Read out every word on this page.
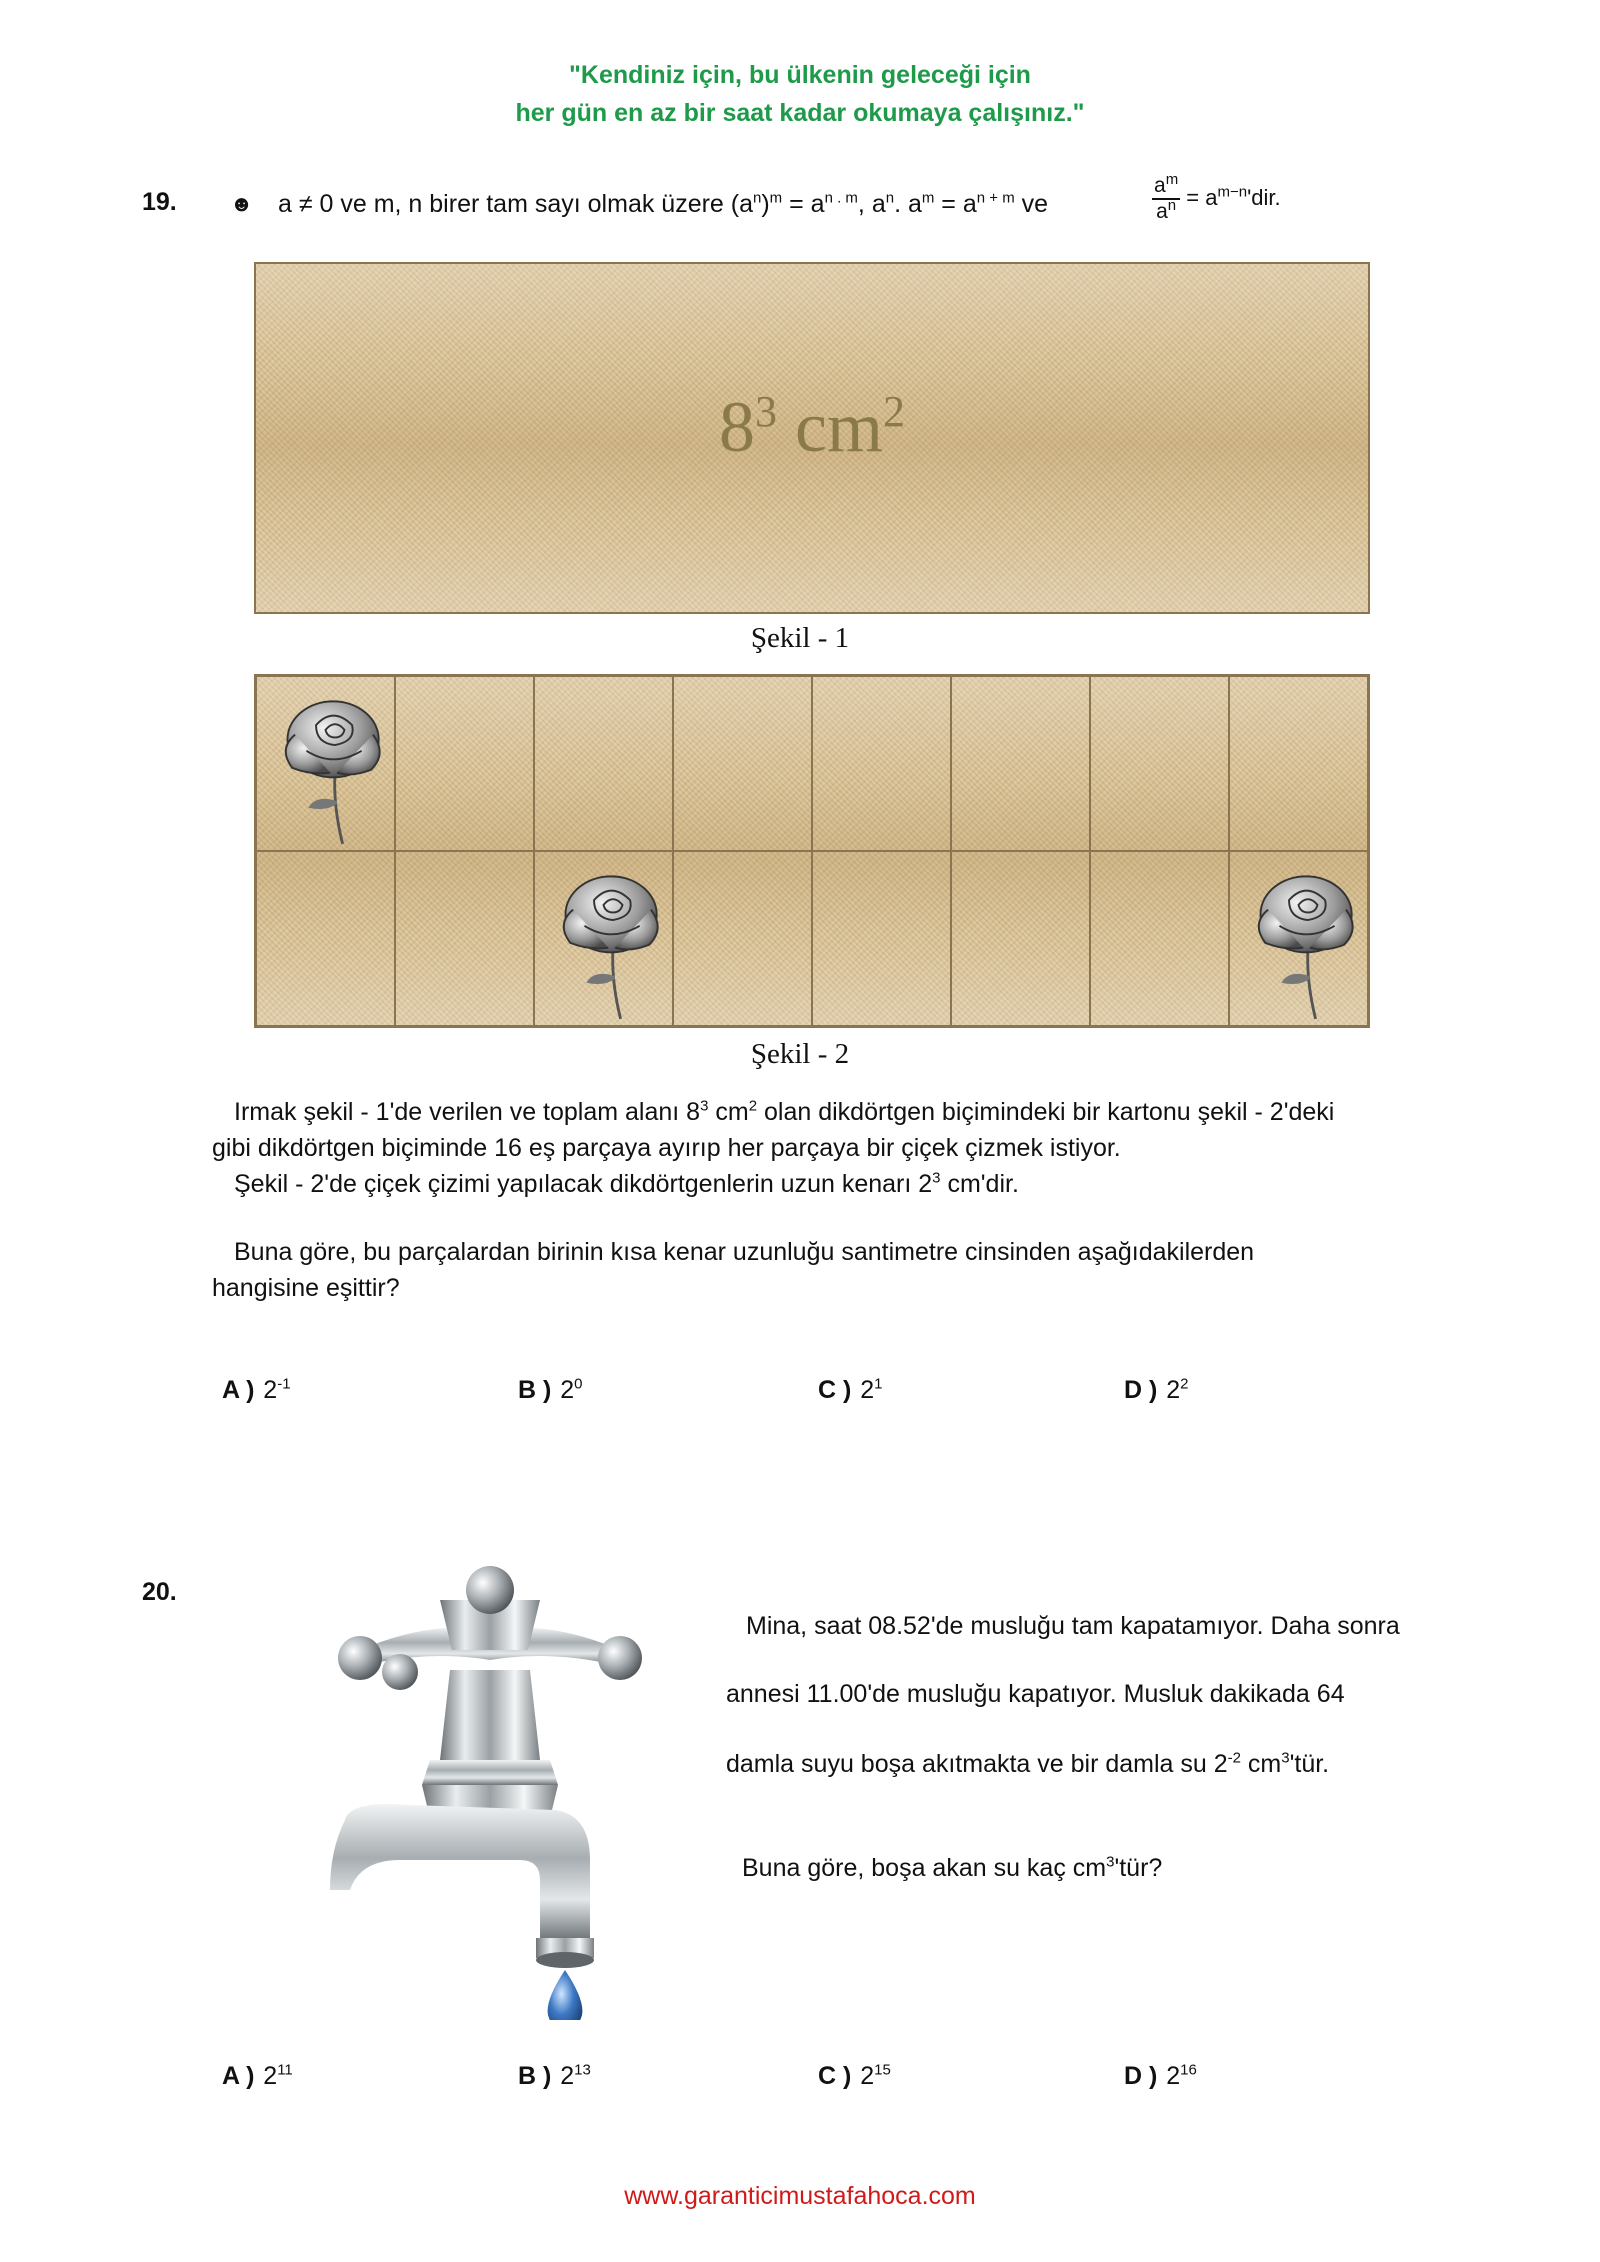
"Kendiniz için, bu ülkenin geleceği için
her gün en az bir saat kadar okumaya çalışınız."
19. ☻ a ≠ 0 ve m, n birer tam sayı olmak üzere $(a^n)^m = a^{n . m}$, $a^n$. $a^m = a^{n + m}$ ve	$\frac{a^m}{a^n} = a^{m-n}'dir$.
$8^3$ $cm^2$
Şekil - 1
Şekil - 2
Irmak şekil - 1'de verilen ve toplam alanı $8^3$ $cm^2$ olan dikdörtgen biçimindeki bir kartonu şekil - 2'deki
gibi dikdörtgen biçiminde 16 eş parçaya ayırıp her parçaya bir çiçek çizmek istiyor.
Şekil - 2'de çiçek çizimi yapılacak dikdörtgenlerin uzun kenarı $2^3$ cm'dir.
Buna göre, bu parçalardan birinin kısa kenar uzunluğu santimetre cinsinden aşağıdakilerden
hangisine eşittir?
A ) $2^{-1}$	B ) $2^0$	C ) $2^1$	D ) $2^2$
20.
Mina, saat 08.52'de musluğu tam kapatamıyor. Daha sonra
annesi 11.00'de musluğu kapatıyor. Musluk dakikada 64
damla suyu boşa akıtmakta ve bir damla su $2^{-2}$ $cm^3'tür$.
Buna göre, boşa akan su kaç $cm^3'tür$?
A ) $2^{11}$	B ) $2^{13}$	C ) $2^{15}$	D ) $2^{16}$
www.garanticimustafahoca.com
